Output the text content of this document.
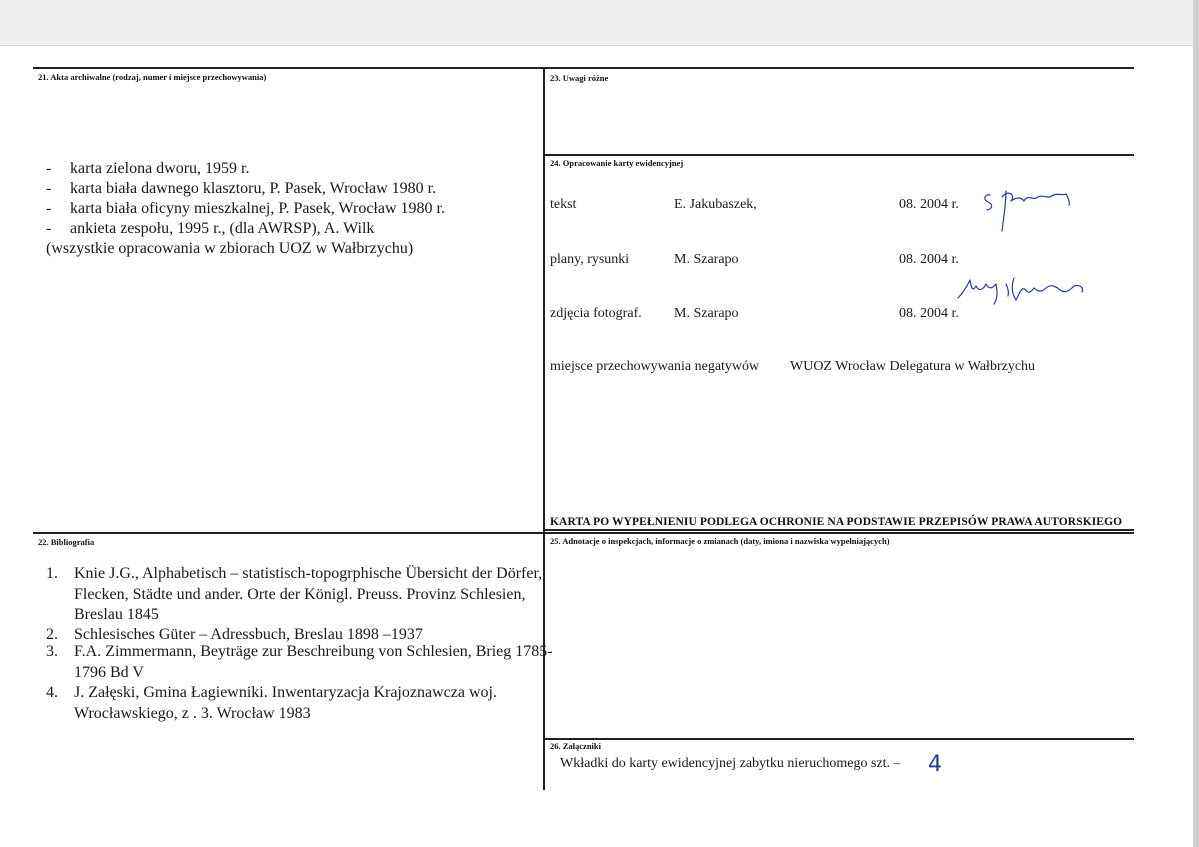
21. Akta archiwalne (rodzaj, numer i miejsce przechowywania)
- karta zielona dworu, 1959 r.
- karta biała dawnego klasztoru, P. Pasek, Wrocław 1980 r.
- karta biała oficyny mieszkalnej, P. Pasek, Wrocław 1980 r.
- ankieta zespołu, 1995 r., (dla AWRSP), A. Wilk
(wszystkie opracowania w zbiorach UOZ w Wałbrzychu)
23. Uwagi różne
24. Opracowanie karty ewidencyjnej
tekst	E. Jakubaszek,	08. 2004 r.
plany, rysunki	M. Szarapo	08. 2004 r.
zdjęcia fotograf. M. Szarapo	08. 2004 r.
miejsce przechowywania negatywów WUOZ Wrocław Delegatura w Wałbrzychu
KARTA PO WYPEŁNIENIU PODLEGA OCHRONIE NA PODSTAWIE PRZEPISÓW PRAWA AUTORSKIEGO
22. Bibliografia
1.	Knie J.G., Alphabetisch – statistisch-topogrphische Übersicht der Dörfer, Flecken, Städte und ander. Orte der Königl. Preuss. Provinz Schlesien, Breslau 1845
2.	Schlesisches Güter – Adressbuch, Breslau 1898 –1937
3.	F.A. Zimmermann, Beyträge zur Beschreibung von Schlesien, Brieg 1785-1796 Bd V
4.	J. Załęski, Gmina Łagiewniki. Inwentaryzacja Krajoznawcza woj. Wrocławskiego, z . 3. Wrocław 1983
25. Adnotacje o inspekcjach, informacje o zmianach (daty, imiona i nazwiska wypełniających)
26. Załączniki
Wkładki do karty ewidencyjnej zabytku nieruchomego szt. – 4
